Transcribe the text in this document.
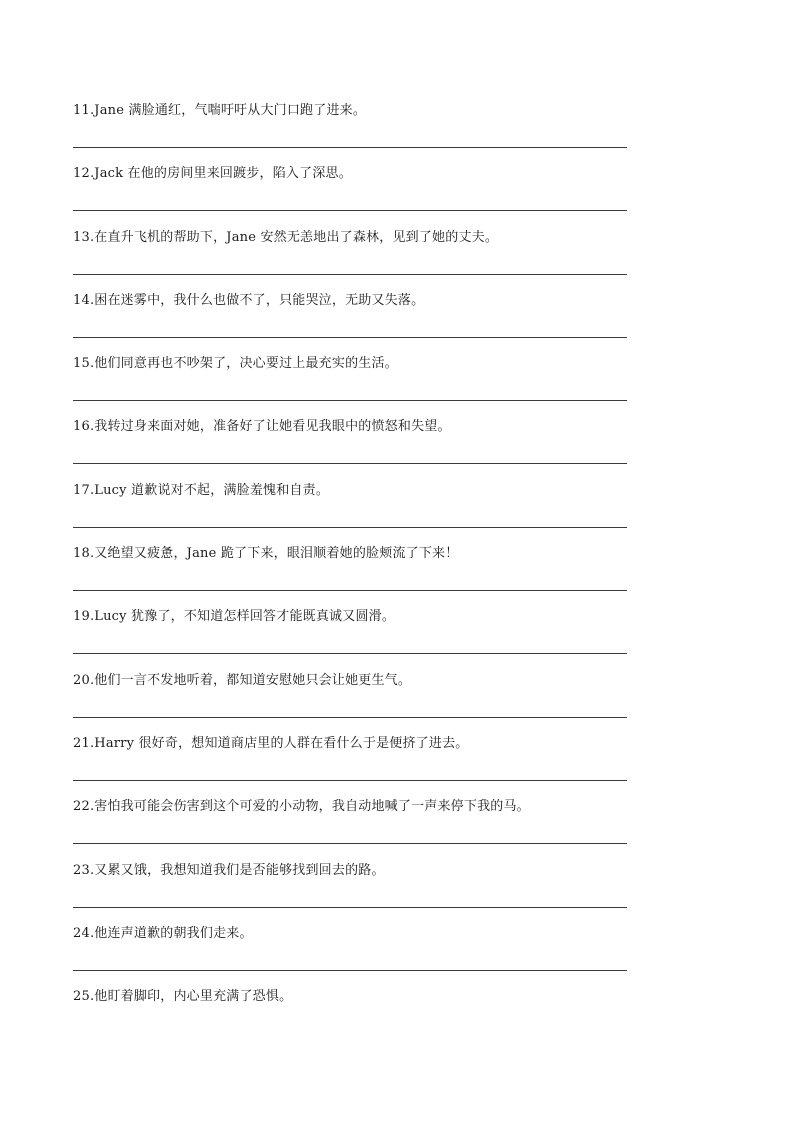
11.Jane 满脸通红，气喘吁吁从大门口跑了进来。
12.Jack 在他的房间里来回踱步，陷入了深思。
13.在直升飞机的帮助下，Jane 安然无恙地出了森林，见到了她的丈夫。
14.困在迷雾中，我什么也做不了，只能哭泣，无助又失落。
15.他们同意再也不吵架了，决心要过上最充实的生活。
16.我转过身来面对她，准备好了让她看见我眼中的愤怒和失望。
17.Lucy 道歉说对不起，满脸羞愧和自责。
18.又绝望又疲惫，Jane 跪了下来，眼泪顺着她的脸颊流了下来！
19.Lucy 犹豫了，不知道怎样回答才能既真诚又圆滑。
20.他们一言不发地听着，都知道安慰她只会让她更生气。
21.Harry 很好奇，想知道商店里的人群在看什么于是便挤了进去。
22.害怕我可能会伤害到这个可爱的小动物，我自动地喊了一声来停下我的马。
23.又累又饿，我想知道我们是否能够找到回去的路。
24.他连声道歉的朝我们走来。
25.他盯着脚印，内心里充满了恐惧。
